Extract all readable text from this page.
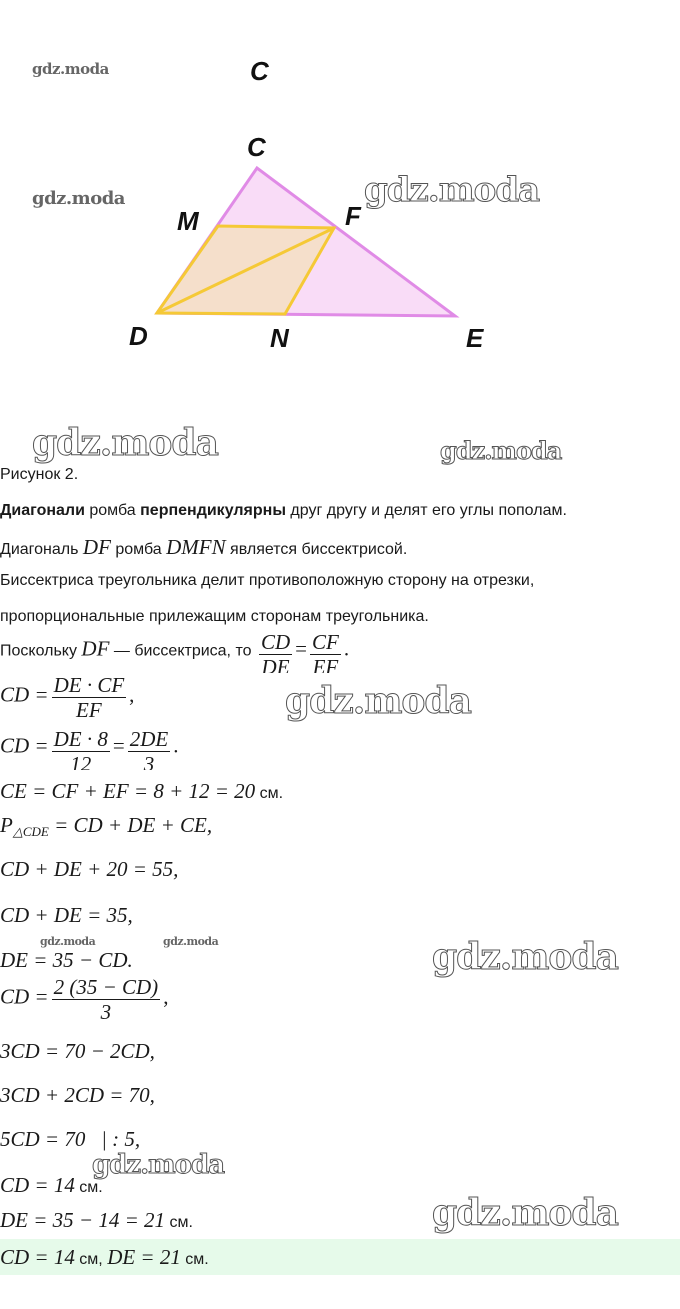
C
C
M	F
D	N	E
gdz.moda
gdz.moda	gdz.moda
gdz.moda	gdz.moda
gdz.moda
gdz.moda	gdz.moda	gdz.moda
gdz.moda
gdz.moda
Рисунок 2.
Диагонали ромба перпендикулярны друг другу и делят его углы пополам.
Диагональ DF ромба DMFN является биссектрисой.
Биссектриса треугольника делит противоположную сторону на отрезки,
пропорциональные прилежащим сторонам треугольника.
Поскольку DF — биссектриса, то $\frac{CD}{DE} = \frac{CF}{EF}$ .
CD = $\frac{DE \cdot CF}{EF}$ ,
CD = $\frac{DE \cdot 8}{12} = \frac{2DE}{3}$ .
CE = CF + EF = 8 + 12 = 20 см.
$P_{\triangle CDE}$ = CD + DE + CE,
CD + DE + 20 = 55,
CD + DE = 35,
DE = 35 − CD.
CD = $\frac{2 (35 - CD)}{3}$ ,
3CD = 70 − 2CD,
3CD + 2CD = 70,
5CD = 70   | : 5,
CD = 14 см.
DE = 35 − 14 = 21 см.
CD = 14 см, DE = 21 см.
